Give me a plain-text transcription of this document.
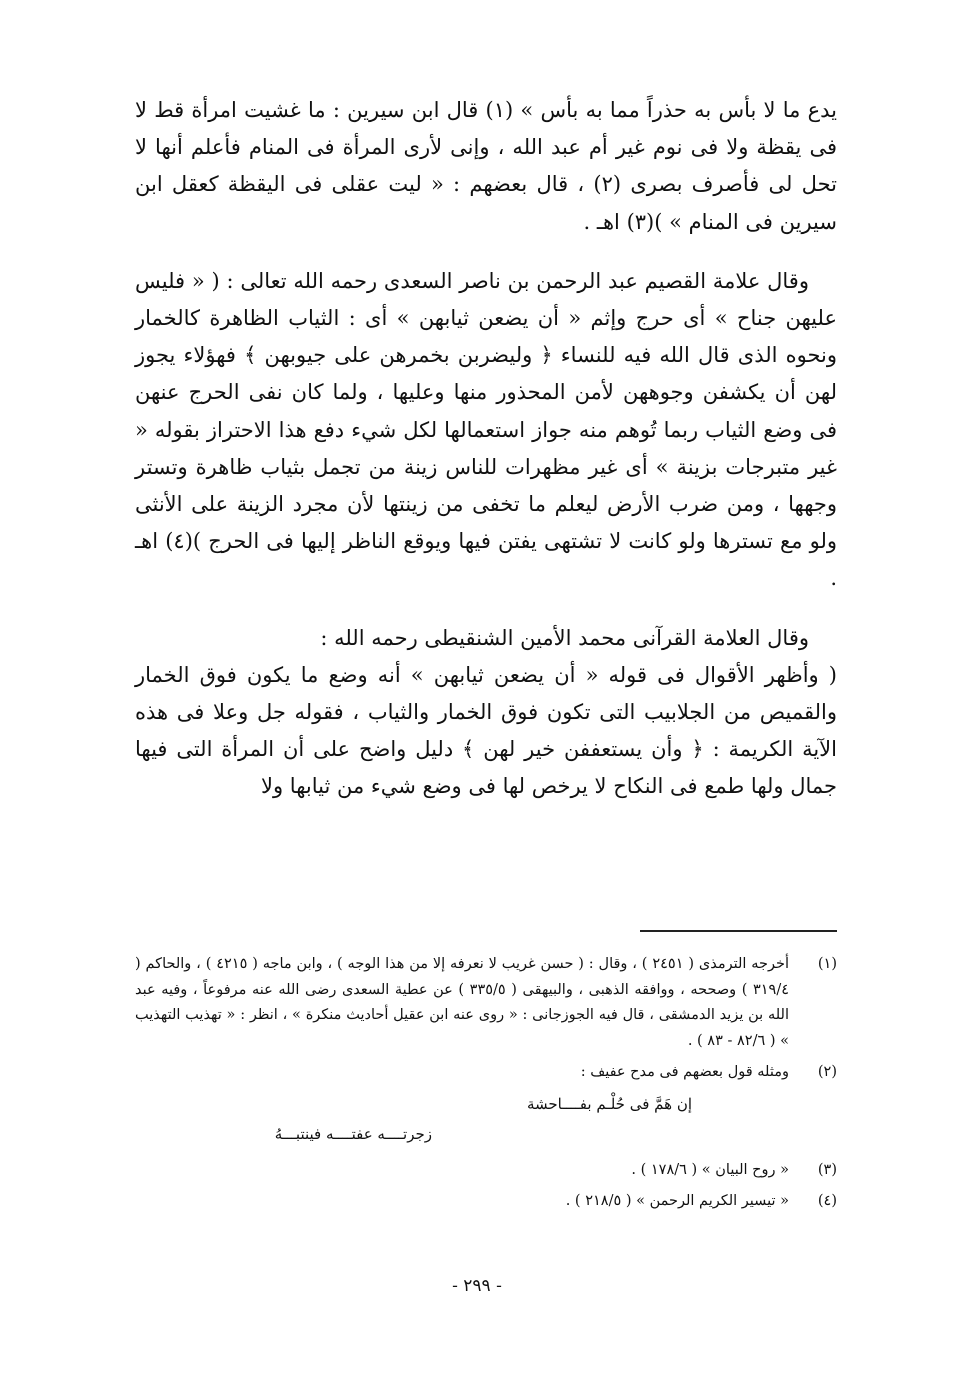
يدع ما لا بأس به حذراً مما به بأس » (١) قال ابن سيرين : ما غشيت امرأة قط لا فى يقظة ولا فى نوم غير أم عبد الله ، وإنى لأرى المرأة فى المنام فأعلم أنها لا تحل لى فأصرف بصرى (٢) ، قال بعضهم : « ليت عقلى فى اليقظة كعقل ابن سيرين فى المنام » )(٣) اهـ .

وقال علامة القصيم عبد الرحمن بن ناصر السعدى رحمه الله تعالى : ( « فليس عليهن جناح » أى حرج وإثم « أن يضعن ثيابهن » أى : الثياب الظاهرة كالخمار ونحوه الذى قال الله فيه للنساء ﴿ وليضربن بخمرهن على جيوبهن ﴾ فهؤلاء يجوز لهن أن يكشفن وجوههن لأمن المحذور منها وعليها ، ولما كان نفى الحرج عنهن فى وضع الثياب ربما تُوهم منه جواز استعمالها لكل شيء دفع هذا الاحتراز بقوله « غير متبرجات بزينة » أى غير مظهرات للناس زينة من تجمل بثياب ظاهرة وتستر وجهها ، ومن ضرب الأرض ليعلم ما تخفى من زينتها لأن مجرد الزينة على الأنثى ولو مع تسترها ولو كانت لا تشتهى يفتن فيها ويوقع الناظر إليها فى الحرج )(٤) اهـ .

وقال العلامة القرآنى محمد الأمين الشنقيطى رحمه الله :

( وأظهر الأقوال فى قوله « أن يضعن ثيابهن » أنه وضع ما يكون فوق الخمار والقميص من الجلابيب التى تكون فوق الخمار والثياب ، فقوله جل وعلا فى هذه الآية الكريمة : ﴿ وأن يستعففن خير لهن ﴾ دليل واضح على أن المرأة التى فيها جمال ولها طمع فى النكاح لا يرخص لها فى وضع شيء من ثيابها ولا

(١)
أخرجه الترمذى ( ٢٤٥١ ) ، وقال : ( حسن غريب لا نعرفه إلا من هذا الوجه ) ، وابن ماجه ( ٤٢١٥ ) ، والحاكم ( ٣١٩/٤ ) وصححه ، ووافقه الذهبى ، والبيهقى ( ٣٣٥/٥ ) عن عطية السعدى رضى الله عنه مرفوعاً ، وفيه عبد الله بن يزيد الدمشقى ، قال فيه الجوزجانى : « روى عنه ابن عقيل أحاديث منكرة » ، انظر : « تهذيب التهذيب » ( ٨٢/٦ - ٨٣ ) .
(٢)
ومثله قول بعضهم فى مدح عفيف :
إن هَمَّ فى حُلْـم بفــــاحشة
زجرتــــه عفتــــه فينتبـــهُ
(٣)
« روح البيان » ( ١٧٨/٦ ) .
(٤)
« تيسير الكريم الرحمن » ( ٢١٨/٥ ) .
- ٢٩٩ -
